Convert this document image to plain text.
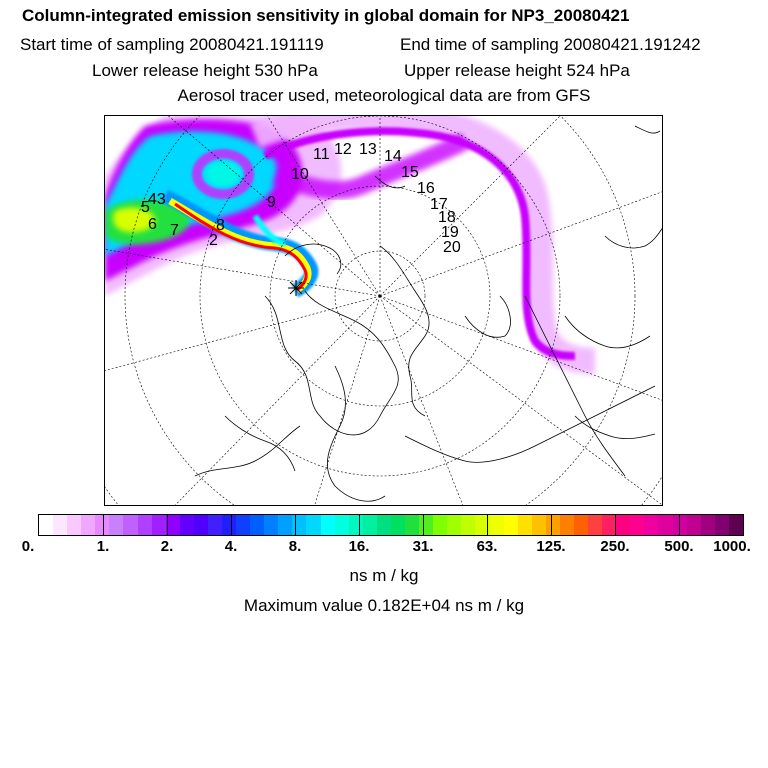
Column-integrated emission sensitivity in global domain for NP3_20080421
Start time of sampling 20080421.191119	End time of sampling 20080421.191242
Lower release height 530 hPa	Upper release height 524 hPa
Aerosol tracer used, meteorological data are from GFS
43
5
6 7
2
8
9
10
11 12 13 14
15
16
17
18
19
20
0.	1.	2.	4.	8.	16.	31.	63.	125. 250. 500. 1000.
ns m / kg
Maximum value 0.182E+04 ns m / kg
